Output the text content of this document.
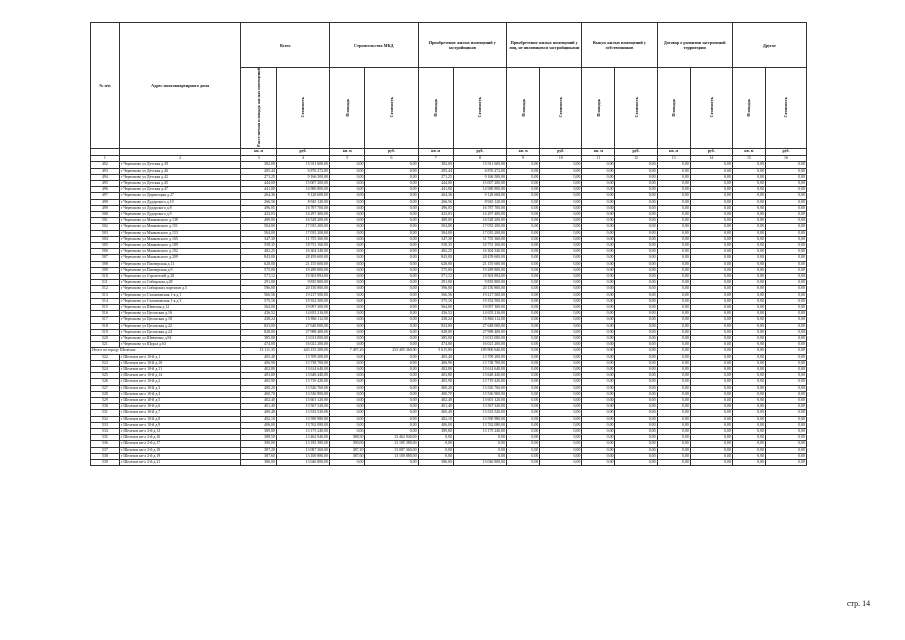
№ п/п	Адрес многоквартирного дома	Всего		Строительство МКД		Приобретение жилых помещений у застройщиков		Приобретение жилых помещений у лиц, не являющихся застройщиками		Выкуп жилых помещений у собственников		Договор о развитии застроенной территории		Другое	
		Расселяемая площадь жилых помещений	Стоимость	Площадь	Стоимость	Площадь	Стоимость	Площадь	Стоимость	Площадь	Стоимость	Площадь	Стоимость	Площадь	Стоимость
		кв. м	руб.	кв. м	руб.	кв. м	руб.	кв. м	руб.	кв. м	руб.	кв. м	руб.	кв. м	руб.
1	2	3	4	5	6	7	8	9	10	11	12	13	14	15	16
492	г Черемхово ул Детская д.39	382,00	15 911 600,00	0,00	0,00	382,00	15 911 600,00	0,00	0,00	0,00	0,00	0,00	0,00	0,00	0,00
493	г Черемхово ул Детская д.46	205,44	6 876 272,00	0,00	0,00	205,44	6 876 272,00	0,00	0,00	0,00	0,00	0,00	0,00	0,00	0,00
494	г Черемхово ул Детская д.42	271,25	9 166 500,00	0,00	0,00	271,25	9 166 500,00	0,00	0,00	0,00	0,00	0,00	0,00	0,00	0,00
495	г Черемхово ул Детская д.45	444,00	15 007 200,00	0,00	0,00	444,00	15 007 200,00	0,00	0,00	0,00	0,00	0,00	0,00	0,00	0,00
496	г Черемхово ул Детская д.47	441,00	14 980 800,00	0,00	0,00	441,00	14 980 800,00	0,00	0,00	0,00	0,00	0,00	0,00	0,00	0,00
497	г Черемхово ул Директорая д.27	264,36	9 128 608,00	0,00	0,00	264,36	9 128 608,00	0,00	0,00	0,00	0,00	0,00	0,00	0,00	0,00
498	г Черемхово ул Дударского д.10	266,56	8 945 120,00	0,00	0,00	266,56	8 945 120,00	0,00	0,00	0,00	0,00	0,00	0,00	0,00	0,00
499	г Черемхово ул Дударского д.8	496,05	16 787 700,00	0,00	0,00	496,05	16 787 700,00	0,00	0,00	0,00	0,00	0,00	0,00	0,00	0,00
500	г Черемхово ул Дударского д.9	423,03	14 297 400,00	0,00	0,00	423,03	14 297 400,00	0,00	0,00	0,00	0,00	0,00	0,00	0,00	0,00
501	г Черемхово ул Маяковского д.138	489,00	16 528 200,00	0,00	0,00	489,00	16 528 200,00	0,00	0,00	0,00	0,00	0,00	0,00	0,00	0,00
502	г Черемхово ул Маяковского д.151	504,00	17 035 200,00	0,00	0,00	504,00	17 035 200,00	0,00	0,00	0,00	0,00	0,00	0,00	0,00	0,00
503	г Черемхово ул Маяковского д.153	504,00	17 035 200,00	0,00	0,00	504,00	17 035 200,00	0,00	0,00	0,00	0,00	0,00	0,00	0,00	0,00
504	г Черемхово ул Маяковского д.165	347,30	11 755 360,00	0,00	0,00	347,30	11 755 360,00	0,00	0,00	0,00	0,00	0,00	0,00	0,00	0,00
505	г Черемхово ул Маяковского д.189	558,35	18 751 160,00	0,00	0,00	558,35	18 751 160,00	0,00	0,00	0,00	0,00	0,00	0,00	0,00	0,00
506	г Черемхово ул Маяковского д.192	482,25	16 304 340,00	0,00	0,00	482,25	16 304 340,00	0,00	0,00	0,00	0,00	0,00	0,00	0,00	0,00
507	г Черемхово ул Маяковского д.209	843,00	28 459 600,00	0,00	0,00	843,00	28 459 600,00	0,00	0,00	0,00	0,00	0,00	0,00	0,00	0,00
508	г Черемхово ул Пионерская д.11	620,00	21 155 600,00	0,00	0,00	620,00	21 155 600,00	0,00	0,00	0,00	0,00	0,00	0,00	0,00	0,00
509	г Черемхово ул Пионерская д.9	575,00	19 289 800,00	0,00	0,00	575,00	19 289 800,00	0,00	0,00	0,00	0,00	0,00	0,00	0,00	0,00
510	г Черемхово ул Строителей д.20	571,12	19 303 894,00	0,00	0,00	571,12	19 303 894,00	0,00	0,00	0,00	0,00	0,00	0,00	0,00	0,00
511	г Черемхово ул Сибирская д.28	291,00	9 835 800,00	0,00	0,00	291,00	9 835 800,00	0,00	0,00	0,00	0,00	0,00	0,00	0,00	0,00
512	г Черемхово ул Сибирских партизан д.5	596,00	20 150 800,00	0,00	0,00	596,00	20 150 800,00	0,00	0,00	0,00	0,00	0,00	0,00	0,00	0,00
513	г Черемхово ул Стахановская 1-я д.1	566,56	19 217 500,00	0,00	0,00	566,56	19 217 500,00	0,00	0,00	0,00	0,00	0,00	0,00	0,00	0,00
514	г Черемхово ул Стахановская 1-я д.3	575,16	19 352 500,00	0,00	0,00	575,16	19 352 500,00	0,00	0,00	0,00	0,00	0,00	0,00	0,00	0,00
515	г Черемхово ул Шевская д.12	564,00	19 097 300,00	0,00	0,00	564,00	19 097 300,00	0,00	0,00	0,00	0,00	0,00	0,00	0,00	0,00
516	г Черемхово ул Цесовская д.16	436,52	14 655 216,00	0,00	0,00	436,52	14 655 216,00	0,00	0,00	0,00	0,00	0,00	0,00	0,00	0,00
517	г Черемхово ул Цесовская д.18	438,24	15 866 112,00	0,00	0,00	438,24	15 866 112,00	0,00	0,00	0,00	0,00	0,00	0,00	0,00	0,00
518	г Черемхово ул Цесовская д.22	823,00	27 648 000,00	0,00	0,00	823,00	27 648 000,00	0,00	0,00	0,00	0,00	0,00	0,00	0,00	0,00
519	г Черемхово ул Цесовская д.24	828,00	27 988 400,00	0,00	0,00	828,00	27 988 400,00	0,00	0,00	0,00	0,00	0,00	0,00	0,00	0,00
520	г Черемхово ул Шевченко д.94	385,00	13 013 000,00	0,00	0,00	385,00	13 013 000,00	0,00	0,00	0,00	0,00	0,00	0,00	0,00	0,00
521	г Черемхово ул Щорса д.63	474,00	16 021 200,00	0,00	0,00	474,00	16 021 200,00	0,00	0,00	0,00	0,00	0,00	0,00	0,00	0,00
Итого по городу Шелехов:		13 111,35	443 155 200,00	7 497,20	253 405 360,00	5 615,80	189 806 640,00	0,00	0,00	0,00	0,00	0,00	0,00	0,00	0,00
522	г Шелехов кв-л 10-й д.1	405,40	13 709 200,00	0,00	0,00	405,40	13 709 200,00	0,00	0,00	0,00	0,00	0,00	0,00	0,00	0,00
523	г Шелехов кв-л 10-й д.10	406,90	13 738 700,00	0,00	0,00	406,90	13 738 700,00	0,00	0,00	0,00	0,00	0,00	0,00	0,00	0,00
524	г Шелехов кв-л 10-й д.11	402,80	13 614 640,00	0,00	0,00	402,80	13 614 640,00	0,00	0,00	0,00	0,00	0,00	0,00	0,00	0,00
525	г Шелехов кв-л 10-й д.14	403,80	13 648 440,00	0,00	0,00	403,80	13 648 440,00	0,00	0,00	0,00	0,00	0,00	0,00	0,00	0,00
526	г Шелехов кв-л 10-й д.2	405,90	13 719 420,00	0,00	0,00	405,90	13 719 420,00	0,00	0,00	0,00	0,00	0,00	0,00	0,00	0,00
527	г Шелехов кв-л 10-й д.3	400,20	13 526 760,00	0,00	0,00	400,20	13 526 760,00	0,00	0,00	0,00	0,00	0,00	0,00	0,00	0,00
528	г Шелехов кв-л 10-й д.4	400,70	13 536 900,00	0,00	0,00	400,70	13 536 900,00	0,00	0,00	0,00	0,00	0,00	0,00	0,00	0,00
529	г Шелехов кв-л 10-й д.5	402,40	13 601 120,00	0,00	0,00	402,40	13 601 120,00	0,00	0,00	0,00	0,00	0,00	0,00	0,00	0,00
530	г Шелехов кв-л 10-й д.6	401,40	13 567 320,00	0,00	0,00	401,40	13 567 320,00	0,00	0,00	0,00	0,00	0,00	0,00	0,00	0,00
531	г Шелехов кв-л 10-й д.7	400,40	13 533 520,00	0,00	0,00	400,40	13 533 520,00	0,00	0,00	0,00	0,00	0,00	0,00	0,00	0,00
532	г Шелехов кв-л 10-й д.8	402,10	13 590 980,00	0,00	0,00	402,10	13 590 980,00	0,00	0,00	0,00	0,00	0,00	0,00	0,00	0,00
533	г Шелехов кв-л 10-й д.9	406,00	13 762 080,00	0,00	0,00	406,00	13 762 080,00	0,00	0,00	0,00	0,00	0,00	0,00	0,00	0,00
534	г Шелехов кв-л 2-й д.13	389,80	13 175 240,00	0,00	0,00	389,80	13 175 240,00	0,00	0,00	0,00	0,00	0,00	0,00	0,00	0,00
535	г Шелехов кв-л 2-й д.16	388,50	13 462 940,00	388,50	13 462 940,00	0,00	0,00	0,00	0,00	0,00	0,00	0,00	0,00	0,00	0,00
536	г Шелехов кв-л 2-й д.17	390,00	13 185 380,00	390,00	13 185 380,00	0,00	0,00	0,00	0,00	0,00	0,00	0,00	0,00	0,00	0,00
537	г Шелехов кв-л 2-й д.18	387,20	13 087 360,00	387,20	13 087 360,00	0,00	0,00	0,00	0,00	0,00	0,00	0,00	0,00	0,00	0,00
538	г Шелехов кв-л 2-й д.19	387,60	13 100 880,00	387,60	13 100 880,00	0,00	0,00	0,00	0,00	0,00	0,00	0,00	0,00	0,00	0,00
539	г Шелехов кв-л 2-й д.21	386,00	13 046 800,00	0,00	0,00	386,00	13 046 800,00	0,00	0,00	0,00	0,00	0,00	0,00	0,00	0,00
стр. 14
